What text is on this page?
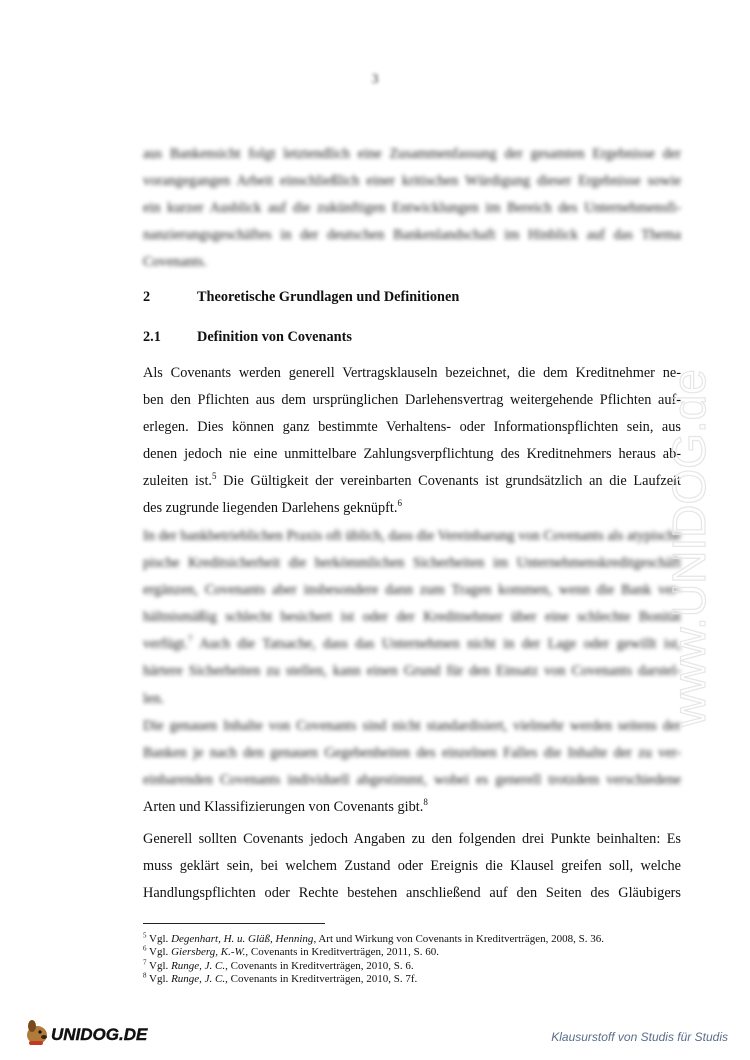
3
aus Bankensicht folgt letztendlich eine Zusammenfassung der gesamten Ergebnisse der
vorangegangen Arbeit einschließlich einer kritischen Würdigung dieser Ergebnisse sowie
ein kurzer Ausblick auf die zukünftigen Entwicklungen im Bereich des Unternehmensfi-
nanzierungsgeschäftes in der deutschen Bankenlandschaft im Hinblick auf das Thema
Covenants.
2	Theoretische Grundlagen und Definitionen
2.1	Definition von Covenants
Als Covenants werden generell Vertragsklauseln bezeichnet, die dem Kreditnehmer ne-
ben den Pflichten aus dem ursprünglichen Darlehensvertrag weitergehende Pflichten auf-
erlegen. Dies können ganz bestimmte Verhaltens- oder Informationspflichten sein, aus
denen jedoch nie eine unmittelbare Zahlungsverpflichtung des Kreditnehmers heraus ab-
zuleiten ist.$^5$ Die Gültigkeit der vereinbarten Covenants ist grundsätzlich an die Laufzeit
des zugrunde liegenden Darlehens geknüpft.$^6$
In der bankbetrieblichen Praxis oft üblich, dass die Vereinbarung von Covenants als atypische
pische Kreditsicherheit die herkömmlichen Sicherheiten im Unternehmenskreditgeschäft
ergänzen, Covenants aber insbesondere dann zum Tragen kommen, wenn die Bank ver-
hältnismäßig schlecht besichert ist oder der Kreditnehmer über eine schlechte Bonität
verfügt.$^7$ Auch die Tatsache, dass das Unternehmen nicht in der Lage oder gewillt ist,
härtere Sicherheiten zu stellen, kann einen Grund für den Einsatz von Covenants darstel-
len.
Die genauen Inhalte von Covenants sind nicht standardisiert, vielmehr werden seitens der
Banken je nach den genauen Gegebenheiten des einzelnen Falles die Inhalte der zu ver-
einbarenden Covenants individuell abgestimmt, wobei es generell trotzdem verschiedene
Arten und Klassifizierungen von Covenants gibt.$^8$
Generell sollten Covenants jedoch Angaben zu den folgenden drei Punkte beinhalten: Es
muss geklärt sein, bei welchem Zustand oder Ereignis die Klausel greifen soll, welche
Handlungspflichten oder Rechte bestehen anschließend auf den Seiten des Gläubigers
$^5$ Vgl. Degenhart, H. u. Gläß, Henning, Art und Wirkung von Covenants in Kreditverträgen, 2008, S. 36.
$^6$ Vgl. Giersberg, K.-W., Covenants in Kreditverträgen, 2011, S. 60.
$^7$ Vgl. Runge, J. C., Covenants in Kreditverträgen, 2010, S. 6.
$^8$ Vgl. Runge, J. C., Covenants in Kreditverträgen, 2010, S. 7f.
www.UNIDOG.de
UNIDOG.DE	Klausurstoff von Studis für Studis
